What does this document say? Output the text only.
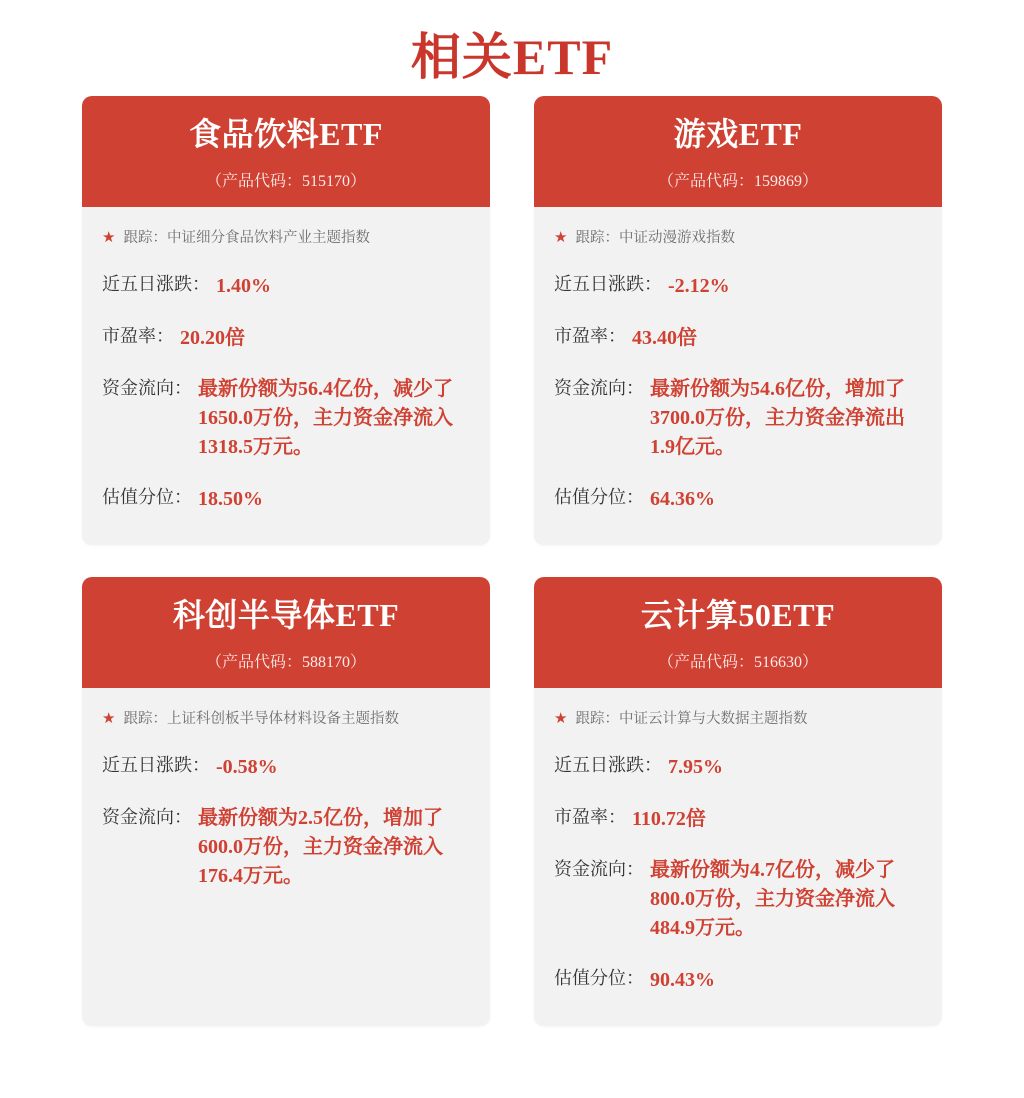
相关ETF
食品饮料ETF
（产品代码：515170）
★ 跟踪：中证细分食品饮料产业主题指数
近五日涨跌： 1.40%
市盈率： 20.20倍
资金流向： 最新份额为56.4亿份，减少了1650.0万份，主力资金净流入1318.5万元。
估值分位： 18.50%
游戏ETF
（产品代码：159869）
★ 跟踪：中证动漫游戏指数
近五日涨跌： -2.12%
市盈率： 43.40倍
资金流向： 最新份额为54.6亿份，增加了3700.0万份，主力资金净流出1.9亿元。
估值分位： 64.36%
科创半导体ETF
（产品代码：588170）
★ 跟踪：上证科创板半导体材料设备主题指数
近五日涨跌： -0.58%
资金流向： 最新份额为2.5亿份，增加了600.0万份，主力资金净流入176.4万元。
云计算50ETF
（产品代码：516630）
★ 跟踪：中证云计算与大数据主题指数
近五日涨跌： 7.95%
市盈率： 110.72倍
资金流向： 最新份额为4.7亿份，减少了800.0万份，主力资金净流入484.9万元。
估值分位： 90.43%
